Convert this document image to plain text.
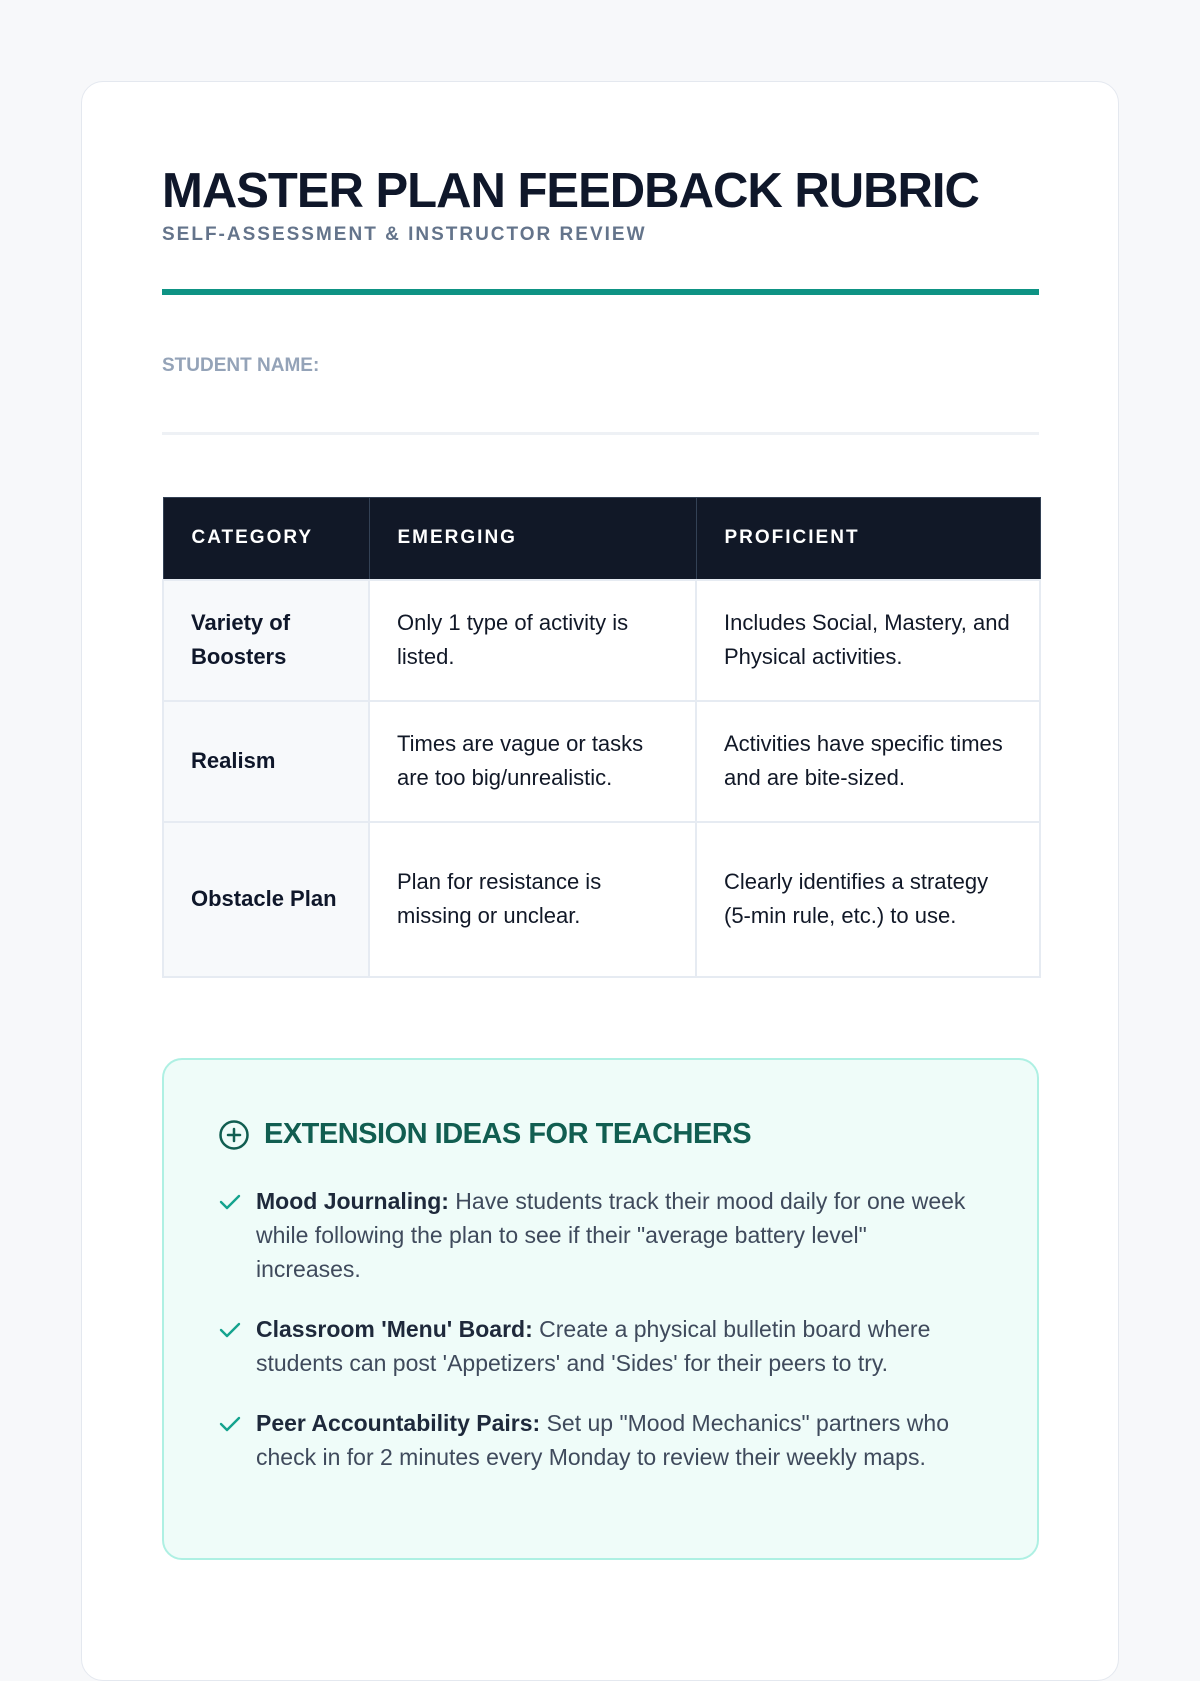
MASTER PLAN FEEDBACK RUBRIC
SELF-ASSESSMENT & INSTRUCTOR REVIEW
STUDENT NAME:
CATEGORY	EMERGING	PROFICIENT
Variety of Boosters	Only 1 type of activity is listed.	Includes Social, Mastery, and Physical activities.
Realism	Times are vague or tasks are too big/unrealistic.	Activities have specific times and are bite-sized.
Obstacle Plan	Plan for resistance is missing or unclear.	Clearly identifies a strategy (5-min rule, etc.) to use.
EXTENSION IDEAS FOR TEACHERS
Mood Journaling: Have students track their mood daily for one week while following the plan to see if their "average battery level" increases.
Classroom 'Menu' Board: Create a physical bulletin board where students can post 'Appetizers' and 'Sides' for their peers to try.
Peer Accountability Pairs: Set up "Mood Mechanics" partners who check in for 2 minutes every Monday to review their weekly maps.
